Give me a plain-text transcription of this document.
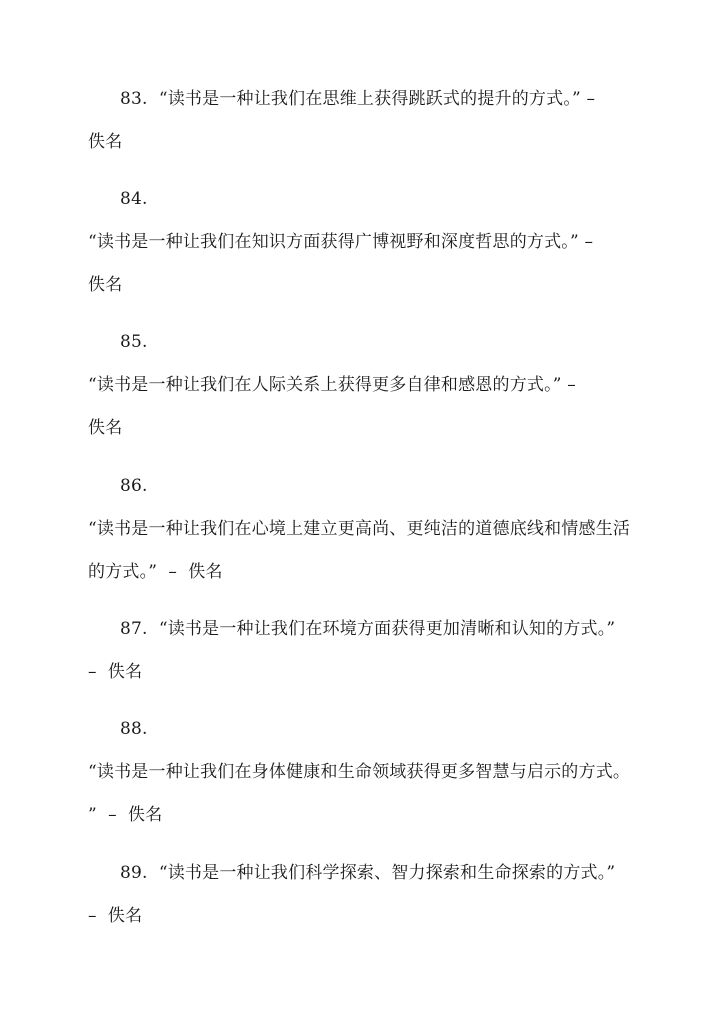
83.  “读书是一种让我们在思维上获得跳跃式的提升的方式。” –
佚名
84.
“读书是一种让我们在知识方面获得广博视野和深度哲思的方式。” –
佚名
85.
“读书是一种让我们在人际关系上获得更多自律和感恩的方式。” –
佚名
86.
“读书是一种让我们在心境上建立更高尚、更纯洁的道德底线和情感生活
的方式。”  –  佚名
87.  “读书是一种让我们在环境方面获得更加清晰和认知的方式。”
–  佚名
88.
“读书是一种让我们在身体健康和生命领域获得更多智慧与启示的方式。
”  –  佚名
89.  “读书是一种让我们科学探索、智力探索和生命探索的方式。”
–  佚名
